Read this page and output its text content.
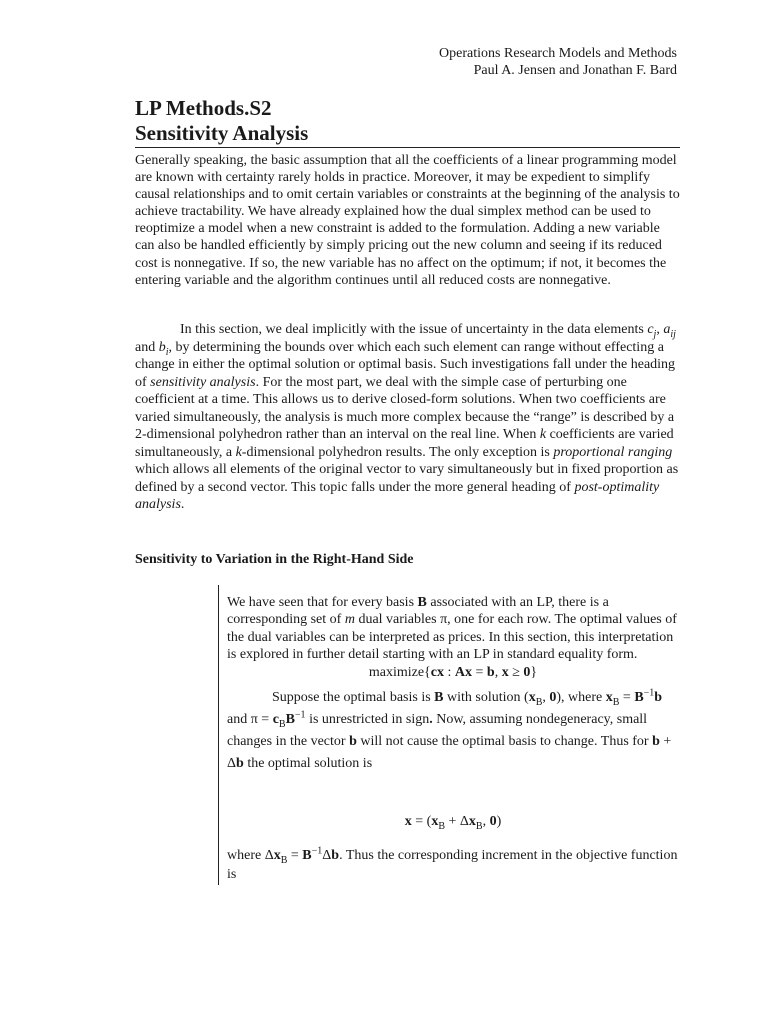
Operations Research Models and Methods
Paul A. Jensen and Jonathan F. Bard
LP Methods.S2
Sensitivity Analysis

Generally speaking, the basic assumption that all the coefficients of a linear programming model are known with certainty rarely holds in practice. Moreover, it may be expedient to simplify causal relationships and to omit certain variables or constraints at the beginning of the analysis to achieve tractability. We have already explained how the dual simplex method can be used to reoptimize a model when a new constraint is added to the formulation. Adding a new variable can also be handled efficiently by simply pricing out the new column and seeing if its reduced cost is nonnegative. If so, the new variable has no affect on the optimum; if not, it becomes the entering variable and the algorithm continues until all reduced costs are nonnegative.

In this section, we deal implicitly with the issue of uncertainty in the data elements $c_j$, $a_{ij}$ and $b_i$, by determining the bounds over which each such element can range without effecting a change in either the optimal solution or optimal basis. Such investigations fall under the heading of sensitivity analysis. For the most part, we deal with the simple case of perturbing one coefficient at a time. This allows us to derive closed-form solutions. When two coefficients are varied simultaneously, the analysis is much more complex because the “range” is described by a 2-dimensional polyhedron rather than an interval on the real line. When k coefficients are varied simultaneously, a k-dimensional polyhedron results. The only exception is proportional ranging which allows all elements of the original vector to vary simultaneously but in fixed proportion as defined by a second vector. This topic falls under the more general heading of post-optimality analysis.

Sensitivity to Variation in the Right-Hand Side

We have seen that for every basis B associated with an LP, there is a corresponding set of m dual variables π, one for each row. The optimal values of the dual variables can be interpreted as prices. In this section, this interpretation is explored in further detail starting with an LP in standard equality form.

maximize{cx : Ax = b, x ≥ 0}

Suppose the optimal basis is B with solution ($x_B$, 0), where $x_B = B^{-1}b$ and $\pi = c_BB^{-1}$ is unrestricted in sign. Now, assuming nondegeneracy, small changes in the vector b will not cause the optimal basis to change. Thus for b + Δb the optimal solution is

$x = (x_B + \Delta x_B$, 0)

where $\Delta x_B = B^{-1}\Delta b$. Thus the corresponding increment in the objective function is
